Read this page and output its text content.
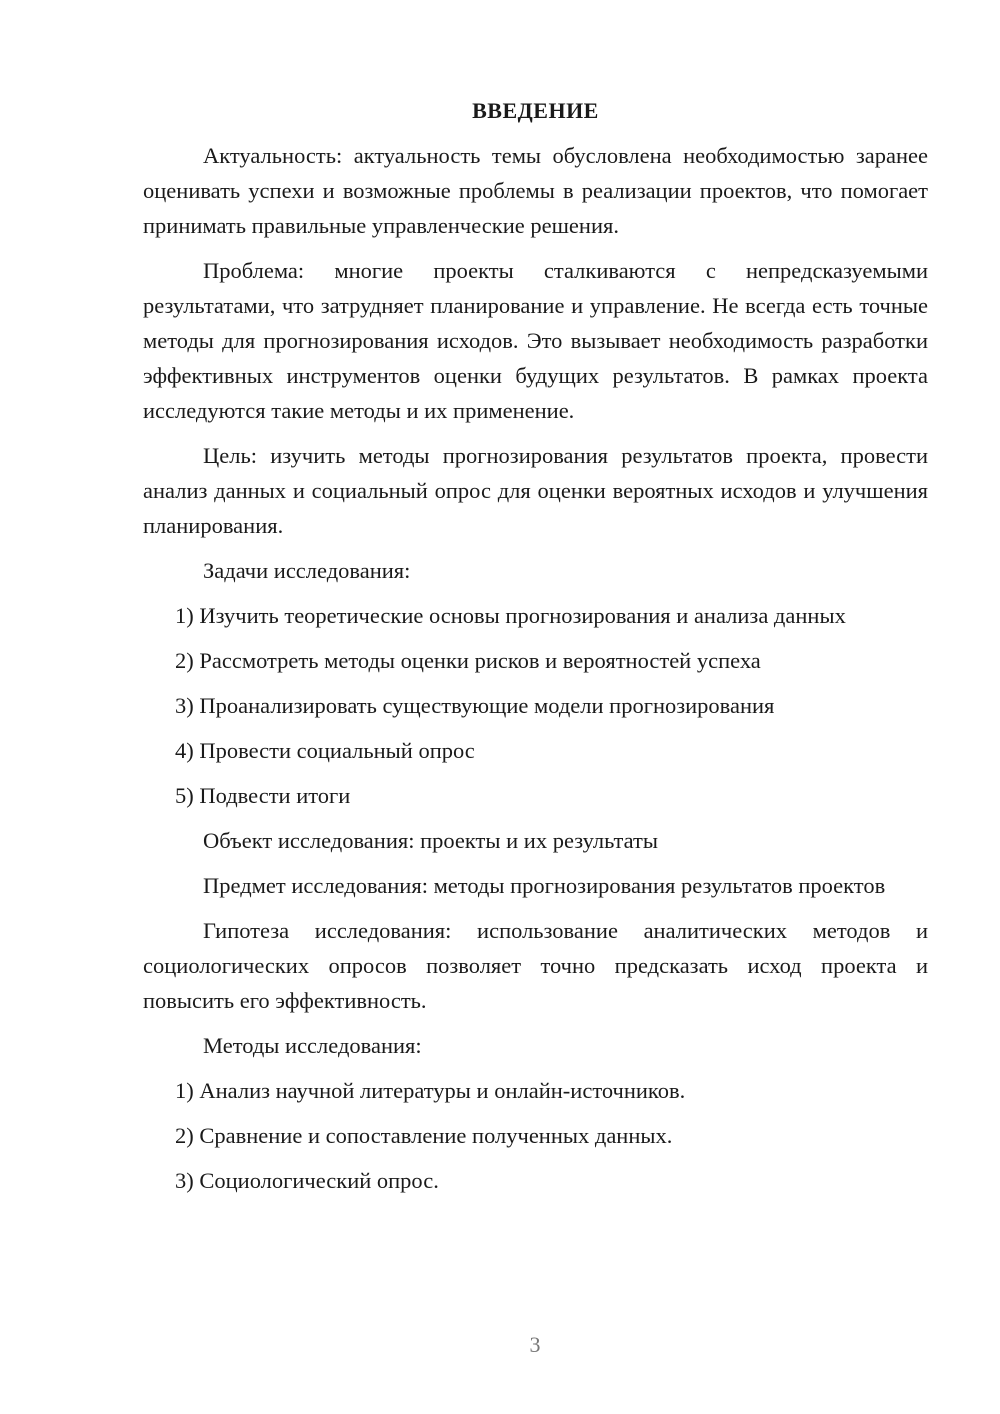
ВВЕДЕНИЕ

Актуальность: актуальность темы обусловлена необходимостью заранее оценивать успехи и возможные проблемы в реализации проектов, что помогает принимать правильные управленческие решения.

Проблема: многие проекты сталкиваются с непредсказуемыми результатами, что затрудняет планирование и управление. Не всегда есть точные методы для прогнозирования исходов. Это вызывает необходимость разработки эффективных инструментов оценки будущих результатов. В рамках проекта исследуются такие методы и их применение.

Цель: изучить методы прогнозирования результатов проекта, провести анализ данных и социальный опрос для оценки вероятных исходов и улучшения планирования.

Задачи исследования:

1) Изучить теоретические основы прогнозирования и анализа данных
2) Рассмотреть методы оценки рисков и вероятностей успеха
3) Проанализировать существующие модели прогнозирования
4) Провести социальный опрос
5) Подвести итоги

Объект исследования: проекты и их результаты

Предмет исследования: методы прогнозирования результатов проектов

Гипотеза исследования: использование аналитических методов и социологических опросов позволяет точно предсказать исход проекта и повысить его эффективность.

Методы исследования:

1) Анализ научной литературы и онлайн-источников.
2) Сравнение и сопоставление полученных данных.
3) Социологический опрос.
3
